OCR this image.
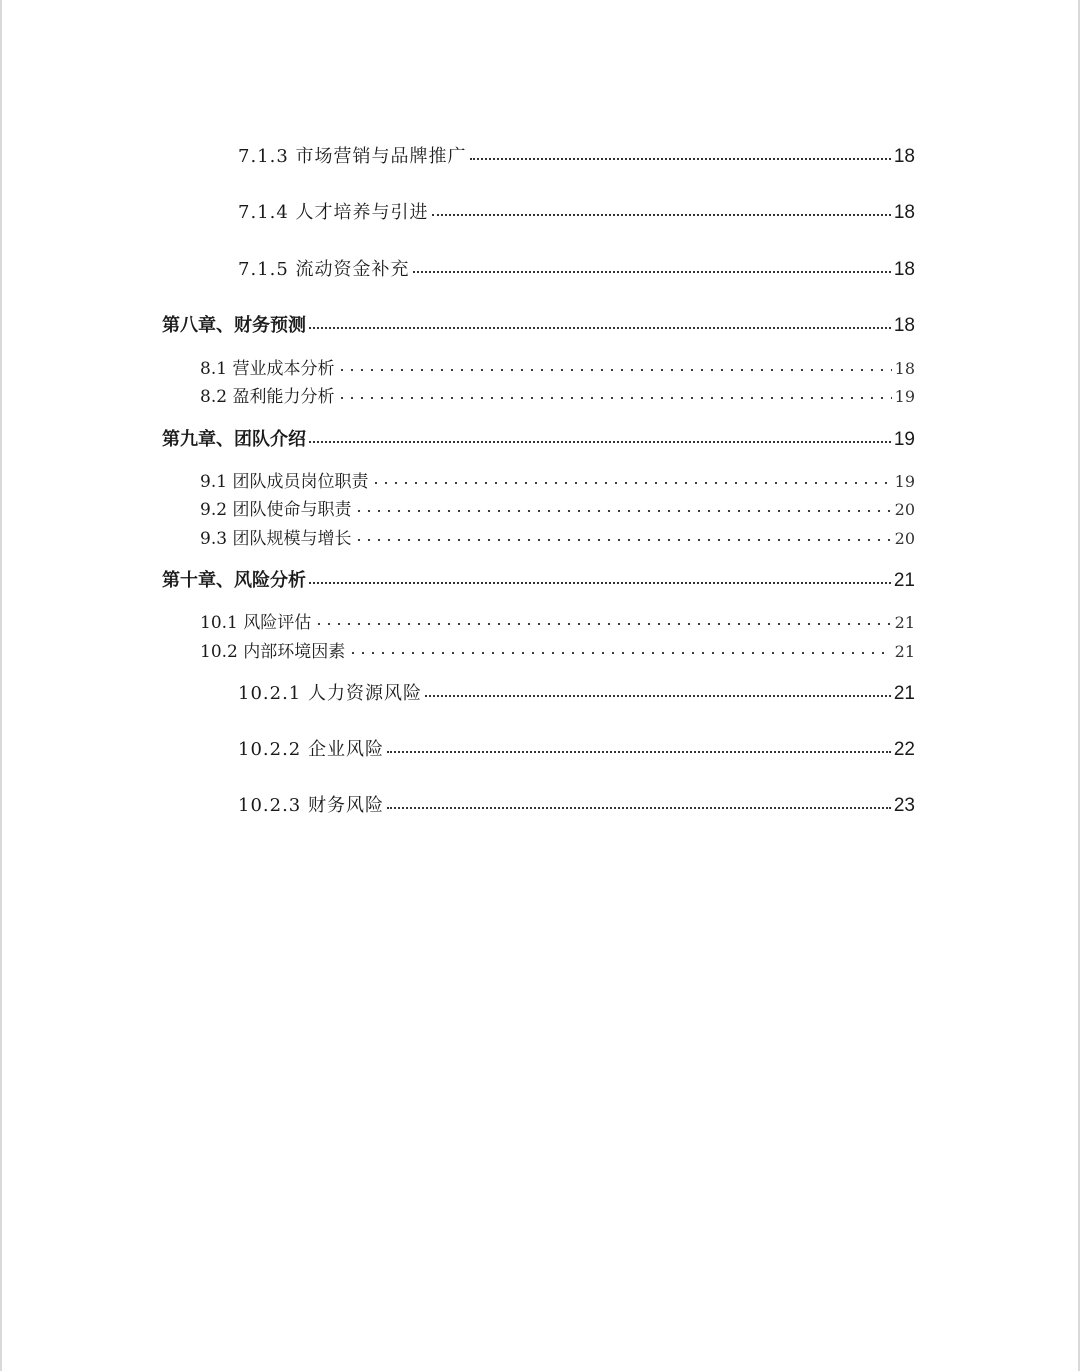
7.1.3 市场营销与品牌推广	18
7.1.4 人才培养与引进	18
7.1.5 流动资金补充	18
第八章、财务预测	18
8.1 营业成本分析	18
8.2 盈利能力分析	19
第九章、团队介绍	19
9.1 团队成员岗位职责	19
9.2 团队使命与职责	20
9.3 团队规模与增长	20
第十章、风险分析	21
10.1 风险评估	21
10.2 内部环境因素	21
10.2.1 人力资源风险	21
10.2.2 企业风险	22
10.2.3 财务风险	23
